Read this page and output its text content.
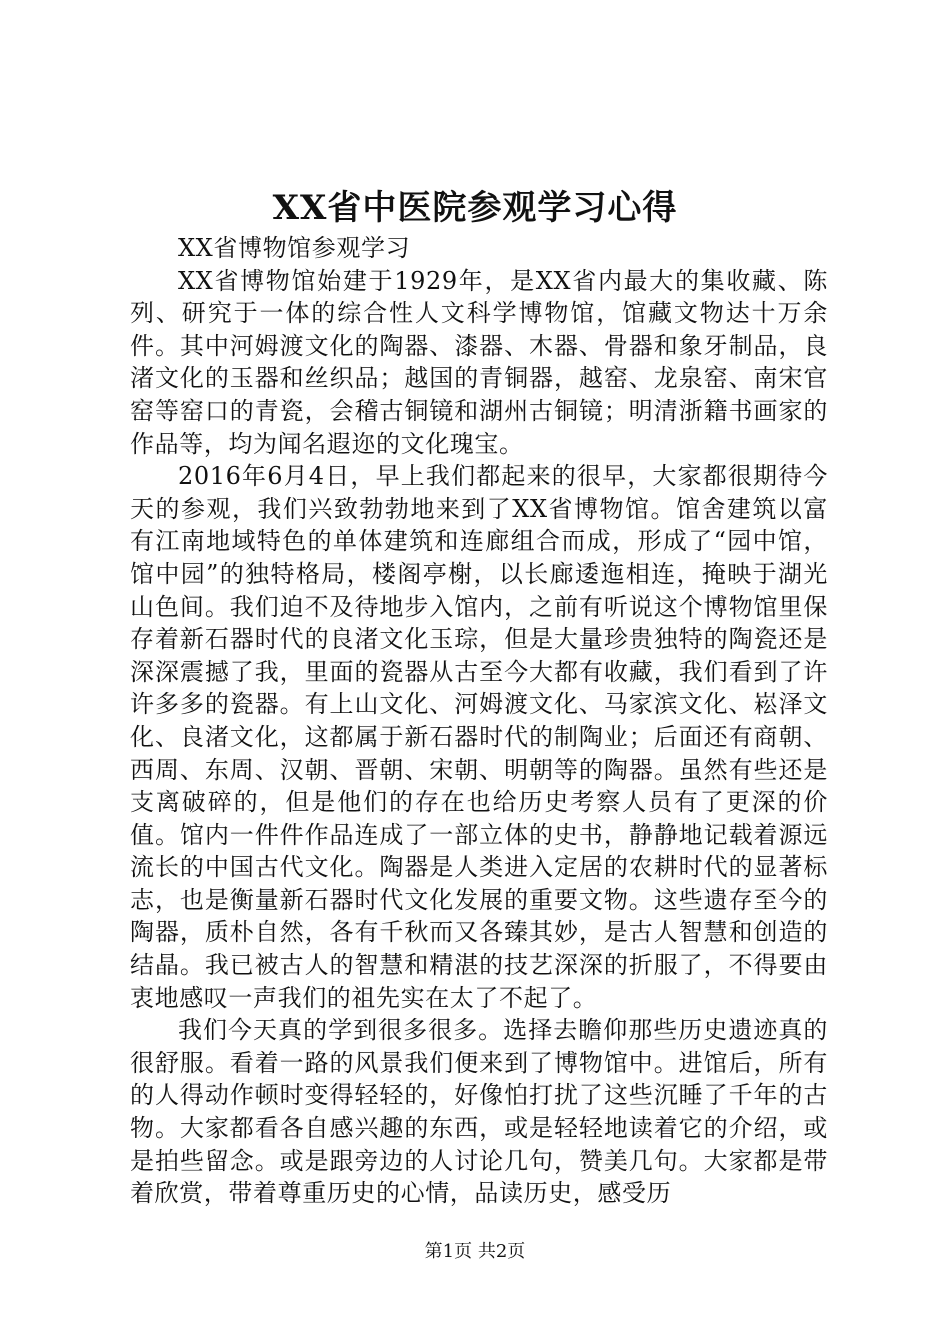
XX省中医院参观学习心得

XX省博物馆参观学习

XX省博物馆始建于1929年，是XX省内最大的集收藏、陈列、研究于一体的综合性人文科学博物馆，馆藏文物达十万余件。其中河姆渡文化的陶器、漆器、木器、骨器和象牙制品，良渚文化的玉器和丝织品；越国的青铜器，越窑、龙泉窑、南宋官窑等窑口的青瓷，会稽古铜镜和湖州古铜镜；明清浙籍书画家的作品等，均为闻名遐迩的文化瑰宝。

2016年6月4日，早上我们都起来的很早，大家都很期待今天的参观，我们兴致勃勃地来到了XX省博物馆。馆舍建筑以富有江南地域特色的单体建筑和连廊组合而成，形成了“园中馆，馆中园”的独特格局，楼阁亭榭，以长廊逶迤相连，掩映于湖光山色间。我们迫不及待地步入馆内，之前有听说这个博物馆里保存着新石器时代的良渚文化玉琮，但是大量珍贵独特的陶瓷还是深深震撼了我，里面的瓷器从古至今大都有收藏，我们看到了许许多多的瓷器。有上山文化、河姆渡文化、马家滨文化、崧泽文化、良渚文化，这都属于新石器时代的制陶业；后面还有商朝、西周、东周、汉朝、晋朝、宋朝、明朝等的陶器。虽然有些还是支离破碎的，但是他们的存在也给历史考察人员有了更深的价值。馆内一件件作品连成了一部立体的史书，静静地记载着源远流长的中国古代文化。陶器是人类进入定居的农耕时代的显著标志，也是衡量新石器时代文化发展的重要文物。这些遗存至今的陶器，质朴自然，各有千秋而又各臻其妙，是古人智慧和创造的结晶。我已被古人的智慧和精湛的技艺深深的折服了，不得要由衷地感叹一声我们的祖先实在太了不起了。

我们今天真的学到很多很多。选择去瞻仰那些历史遗迹真的很舒服。看着一路的风景我们便来到了博物馆中。进馆后，所有的人得动作顿时变得轻轻的，好像怕打扰了这些沉睡了千年的古物。大家都看各自感兴趣的东西，或是轻轻地读着它的介绍，或是拍些留念。或是跟旁边的人讨论几句，赞美几句。大家都是带着欣赏，带着尊重历史的心情，品读历史，感受历

第1页 共2页
